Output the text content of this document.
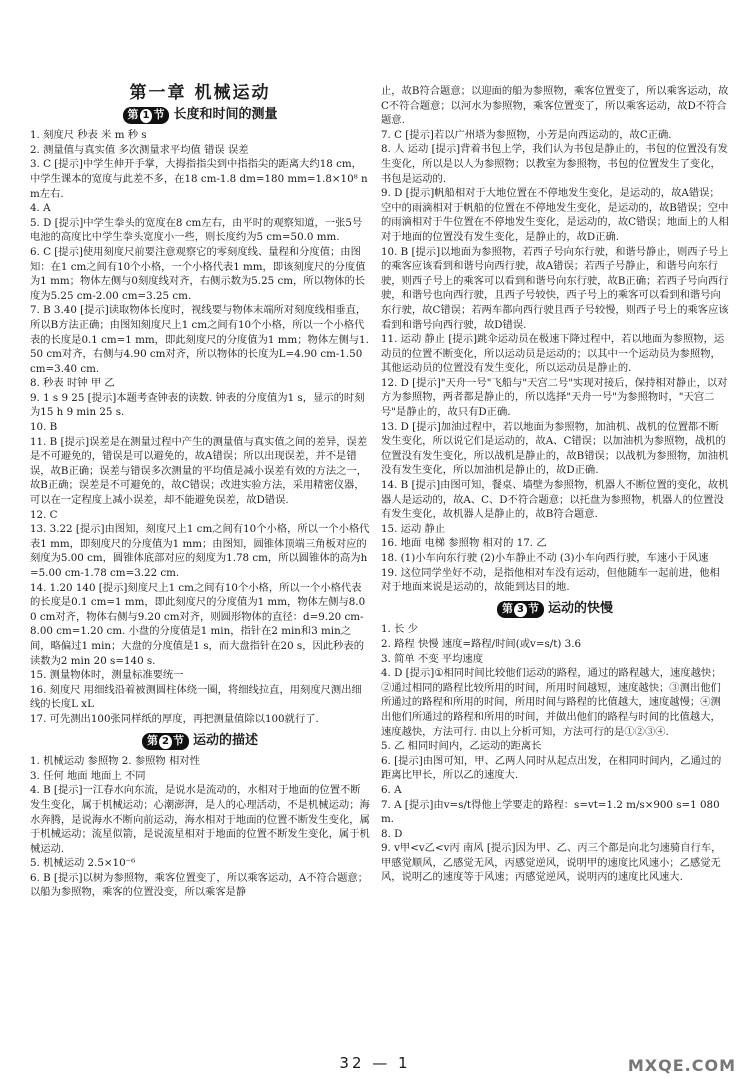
第一章 机械运动
第 1 节 长度和时间的测量

1. 刻度尺 秒表 米 m 秒 s

2. 测量值与真实值 多次测量求平均值 错误 误差

3. C [提示]中学生伸开手掌，大拇指指尖到中指指尖的距离大约18 cm，中学生课本的宽度与此差不多，在18 cm-1.8 dm=180 mm=1.8×10⁸ nm左右.

4. A

5. D [提示]中学生拳头的宽度在8 cm左右，由平时的观察知道，一张5号电池的高度比中学生拳头宽度小一些，则长度约为5 cm=50.0 mm.

6. C [提示]使用刻度尺前要注意观察它的零刻度线、量程和分度值；由图知：在1 cm之间有10个小格，一个小格代表1 mm，即该刻度尺的分度值为1 mm；物体左侧与0刻度线对齐，右侧示数为5.25 cm，所以物体的长度为5.25 cm-2.00 cm=3.25 cm.

7. B 3.40 [提示]读取物体长度时，视线要与物体末端所对刻度线相垂直，所以B方法正确；由图知刻度尺上1 cm之间有10个小格，所以一个小格代表的长度是0.1 cm=1 mm，即此刻度尺的分度值为1 mm；物体左侧与1.50 cm对齐，右侧与4.90 cm对齐，所以物体的长度为L=4.90 cm-1.50 cm=3.40 cm.

8. 秒表 时钟 甲 乙

9. 1 s 9 25 [提示]本题考查钟表的读数. 钟表的分度值为1 s，显示的时刻为15 h 9 min 25 s.

10. B

11. B [提示]误差是在测量过程中产生的测量值与真实值之间的差异，误差是不可避免的，错误是可以避免的，故A错误；所以出现误差，并不是错误，故B正确；误差与错误多次测量的平均值是减小误差有效的方法之一，故B正确；误差是不可避免的，故C错误；改进实验方法，采用精密仪器，可以在一定程度上减小误差，却不能避免误差，故D错误.

12. C

13. 3.22 [提示]由图知，刻度尺上1 cm之间有10个小格，所以一个小格代表1 mm，即刻度尺的分度值为1 mm；由图知，圆锥体顶端三角板对应的刻度为5.00 cm，圆锥体底部对应的刻度为1.78 cm，所以圆锥体的高为h=5.00 cm-1.78 cm=3.22 cm.

14. 1.20 140 [提示]刻度尺上1 cm之间有10个小格，所以一个小格代表的长度是0.1 cm=1 mm，即此刻度尺的分度值为1 mm，物体左侧与8.00 cm对齐，物体右侧与9.20 cm对齐，则圆形物体的直径：d=9.20 cm-8.00 cm=1.20 cm. 小盘的分度值是1 min，指针在2 min和3 min之间，略偏过1 min；大盘的分度值是1 s，而大盘指针在20 s，因此秒表的读数为2 min 20 s=140 s.

15. 测量物体时，测量标准要统一

16. 刻度尺 用细线沿着被测圆柱体绕一圈，将细线拉直，用刻度尺测出细线的长度L xL

17. 可先测出100张同样纸的厚度，再把测量值除以100就行了.

第 2 节 运动的描述

1. 机械运动 参照物 2. 参照物 相对性

3. 任何 地面 地面上 不同

4. B [提示]一江春水向东流，是说水是流动的，水相对于地面的位置不断发生变化，属于机械运动；心潮澎湃，是人的心理活动，不是机械运动；海水奔腾，是说海水不断向前运动，海水相对于地面的位置不断发生变化，属于机械运动；流星似箭，是说流星相对于地面的位置不断发生变化，属于机械运动.

5. 机械运动 2.5×10⁻⁶

6. B [提示]以树为参照物，乘客位置变了，所以乘客运动，A不符合题意；以船为参照物，乘客的位置没变，所以乘客是静

止，故B符合题意；以迎面的船为参照物，乘客位置变了，所以乘客运动，故C不符合题意；以河水为参照物，乘客位置变了，所以乘客运动，故D不符合题意.

7. C [提示]若以广州塔为参照物，小芳是向西运动的，故C正确.

8. 人 运动 [提示]背着书包上学，我们认为书包是静止的，书包的位置没有发生变化，所以是以人为参照物；以教室为参照物，书包的位置发生了变化，书包是运动的.

9. D [提示]帆船相对于大地位置在不停地发生变化，是运动的，故A错误；空中的雨滴相对于帆船的位置在不停地发生变化，是运动的，故B错误；空中的雨滴相对于牛位置在不停地发生变化，是运动的，故C错误；地面上的人相对于地面的位置没有发生变化，是静止的，故D正确.

10. B [提示]以地面为参照物，若西子号向东行驶，和谐号静止，则西子号上的乘客应该看到和谐号向西行驶，故A错误；若西子号静止，和谐号向东行驶，则西子号上的乘客可以看到和谐号向东行驶，故B正确；若西子号向西行驶，和谐号也向西行驶，且西子号较快，西子号上的乘客可以看到和谐号向东行驶，故C错误；若两车都向西行驶且西子号较慢，则西子号上的乘客应该看到和谐号向西行驶，故D错误.

11. 运动 静止 [提示]跳伞运动员在极速下降过程中，若以地面为参照物，运动员的位置不断变化，所以运动员是运动的；以其中一个运动员为参照物，其他运动员的位置没有发生变化，所以运动员是静止的.

12. D [提示]"天舟一号"飞船与"天宫二号"实现对接后，保持相对静止，以对方为参照物，两者都是静止的，所以选择"天舟一号"为参照物时，"天宫二号"是静止的，故只有D正确.

13. D [提示]加油过程中，若以地面为参照物，加油机、战机的位置都不断发生变化，所以说它们是运动的，故A、C错误；以加油机为参照物，战机的位置没有发生变化，所以战机是静止的，故B错误；以战机为参照物，加油机没有发生变化，所以加油机是静止的，故D正确.

14. B [提示]由图可知，餐桌、墙壁为参照物，机器人不断位置的变化，故机器人是运动的，故A、C、D不符合题意；以托盘为参照物，机器人的位置没有发生变化，故机器人是静止的，故B符合题意.

15. 运动 静止

16. 地面 电梯 参照物 相对的 17. 乙

18. (1)小车向东行驶 (2)小车静止不动 (3)小车向西行驶，车速小于风速

19. 这位同学坐好不动，是指他相对车没有运动，但他随车一起前进，他相对于地面来说是运动的，故能到达目的地.

第 3 节 运动的快慢

1. 长 少

2. 路程 快慢 速度=路程/时间(或v=s/t) 3.6

3. 简单 不变 平均速度

4. D [提示]①相同时间比较他们运动的路程，通过的路程越大，速度越快；②通过相同的路程比较所用的时间，所用时间越短，速度越快；③测出他们所通过的路程和所用的时间，所用时间与路程的比值越大，速度越慢；④测出他们所通过的路程和所用的时间，并做出他们的路程与时间的比值越大，速度越快，方法可行. 由以上分析可知，方法可行的是①②③④.

5. 乙 相同时间内，乙运动的距离长

6. [提示]由图可知，甲、乙两人同时从起点出发，在相同时间内，乙通过的距离比甲长，所以乙的速度大.

6. A

7. A [提示]由v=s/t得他上学要走的路程：s=vt=1.2 m/s×900 s=1 080 m.

8. D

9. v甲<v乙<v丙 南风 [提示]因为甲、乙、丙三个都是向北匀速骑自行车，甲感觉顺风，乙感觉无风，丙感觉逆风，说明甲的速度比风速小；乙感觉无风，说明乙的速度等于风速；丙感觉逆风，说明丙的速度比风速大.

32 — 1	MXQE.COM
